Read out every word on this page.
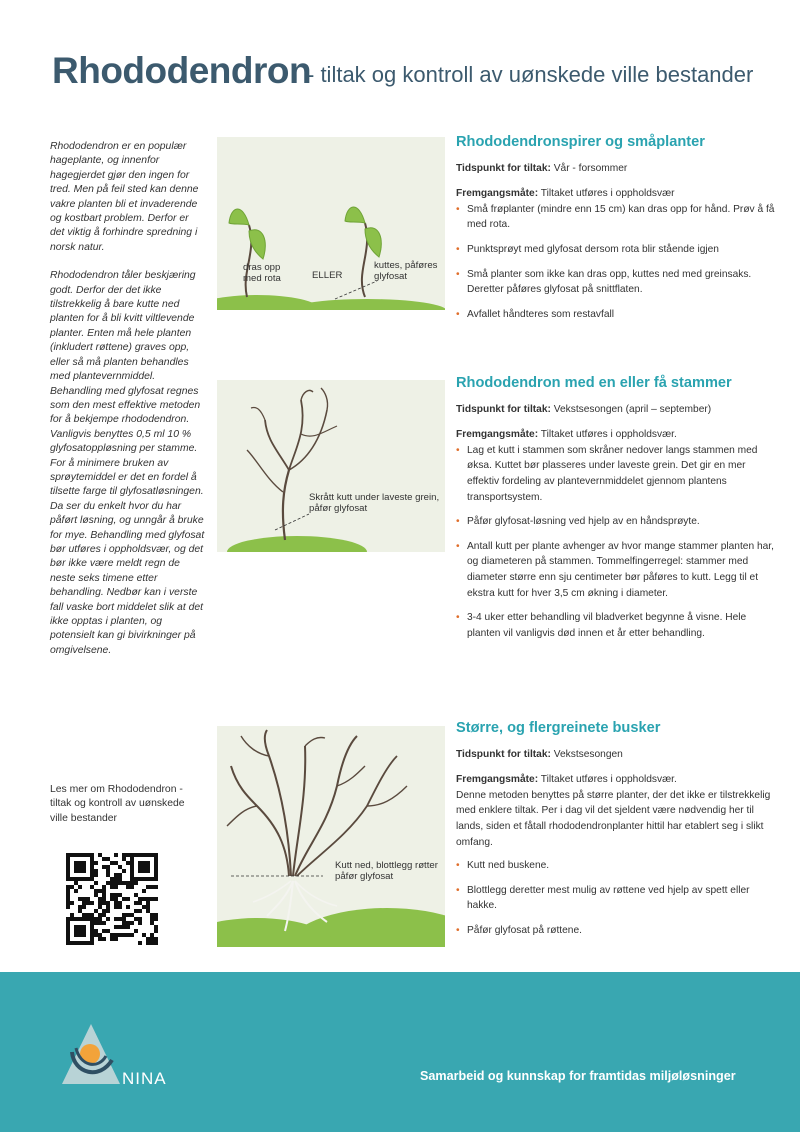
Rhododendron
- tiltak og kontroll av uønskede ville bestander

Rhododendron er en populær hageplante, og innenfor hagegjerdet gjør den ingen for tred. Men på feil sted kan denne vakre planten bli et invaderende og kostbart problem. Derfor er det viktig å forhindre spredning i norsk natur.

Rhododendron tåler beskjæring godt. Derfor der det ikke tilstrekkelig å bare kutte ned planten for å bli kvitt viltlevende planter. Enten må hele planten (inkludert røttene) graves opp, eller så må planten behandles med plantevernmiddel. Behandling med glyfosat regnes som den mest effektive metoden for å bekjempe rhododendron. Vanligvis benyttes 0,5 ml 10 % glyfosatoppløsning per stamme. For å minimere bruken av sprøytemiddel er det en fordel å tilsette farge til glyfosatløsningen. Da ser du enkelt hvor du har påført løsning, og unngår å bruke for mye. Behandling med glyfosat bør utføres i oppholdsvær, og det bør ikke være meldt regn de neste seks timene etter behandling. Nedbør kan i verste fall vaske bort middelet slik at det ikke opptas i planten, og potensielt kan gi bivirkninger på omgivelsene.

Les mer om Rhododendron - tiltak og kontroll av uønskede ville bestander
dras opp med rota	ELLER
kuttes, påføres glyfosat
Skrått kutt under laveste grein, påfør glyfosat
Kutt ned, blottlegg røtter påfør glyfosat
Rhododendronspirer og småplanter
Tidspunkt for tiltak: Vår - forsommer
Fremgangsmåte: Tiltaket utføres i oppholdsvær
• Små frøplanter (mindre enn 15 cm) kan dras opp for hånd. Prøv å få med rota.
• Punktsprøyt med glyfosat dersom rota blir stående igjen
• Små planter som ikke kan dras opp, kuttes ned med greinsaks. Deretter påføres glyfosat på snittflaten.
• Avfallet håndteres som restavfall
Rhododendron med en eller få stammer
Tidspunkt for tiltak: Vekstsesongen (april – september)
Fremgangsmåte: Tiltaket utføres i oppholdsvær.
• Lag et kutt i stammen som skråner nedover langs stammen med øksa. Kuttet bør plasseres under laveste grein. Det gir en mer effektiv fordeling av plantevernmiddelet gjennom plantens transportsystem.
• Påfør glyfosat-løsning ved hjelp av en håndsprøyte.
• Antall kutt per plante avhenger av hvor mange stammer planten har, og diameteren på stammen. Tommelfingerregel: stammer med diameter større enn sju centimeter bør påføres to kutt. Legg til et ekstra kutt for hver 3,5 cm økning i diameter.
• 3-4 uker etter behandling vil bladverket begynne å visne. Hele planten vil vanligvis død innen et år etter behandling.
Større, og flergreinete busker
Tidspunkt for tiltak: Vekstsesongen
Fremgangsmåte: Tiltaket utføres i oppholdsvær.
Denne metoden benyttes på større planter, der det ikke er tilstrekkelig med enklere tiltak. Per i dag vil det sjeldent være nødvendig her til lands, siden et fåtall rhododendronplanter hittil har etablert seg i slikt omfang.
• Kutt ned buskene.
• Blottlegg deretter mest mulig av røttene ved hjelp av spett eller hakke.
• Påfør glyfosat på røttene.
NINA	Samarbeid og kunnskap for framtidas miljøløsninger
